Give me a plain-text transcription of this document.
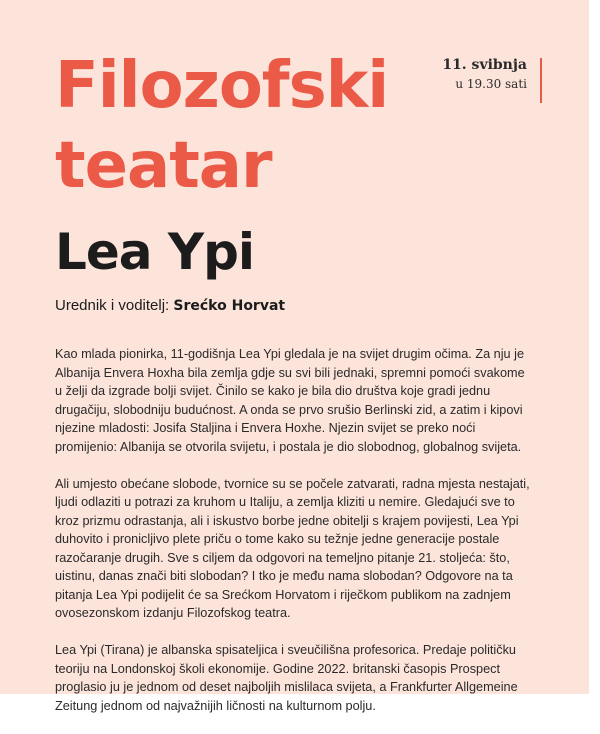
Filozofski
teatar
11. svibnja
u 19.30 sati
Lea Ypi

Urednik i voditelj: Srećko Horvat

Kao mlada pionirka, 11-godišnja Lea Ypi gledala je na svijet drugim očima. Za nju je Albanija Envera Hoxha bila zemlja gdje su svi bili jednaki, spremni pomoći svakome u želji da izgrade bolji svijet. Činilo se kako je bila dio društva koje gradi jednu drugačiju, slobodniju budućnost. A onda se prvo srušio Berlinski zid, a zatim i kipovi njezine mladosti: Josifa Staljina i Envera Hoxhe. Njezin svijet se preko noći promijenio: Albanija se otvorila svijetu, i postala je dio slobodnog, globalnog svijeta.

Ali umjesto obećane slobode, tvornice su se počele zatvarati, radna mjesta nestajati, ljudi odlaziti u potrazi za kruhom u Italiju, a zemlja kliziti u nemire. Gledajući sve to kroz prizmu odrastanja, ali i iskustvo borbe jedne obitelji s krajem povijesti, Lea Ypi duhovito i pronicljivo plete priču o tome kako su težnje jedne generacije postale razočaranje drugih. Sve s ciljem da odgovori na temeljno pitanje 21. stoljeća: što, uistinu, danas znači biti slobodan? I tko je među nama slobodan? Odgovore na ta pitanja Lea Ypi podijelit će sa Srećkom Horvatom i riječkom publikom na zadnjem ovosezonskom izdanju Filozofskog teatra.

Lea Ypi (Tirana) je albanska spisateljica i sveučilišna profesorica. Predaje političku teoriju na Londonskoj školi ekonomije. Godine 2022. britanski časopis Prospect proglasio ju je jednom od deset najboljih mislilaca svijeta, a Frankfurter Allgemeine Zeitung jednom od najvažnijih ličnosti na kulturnom polju.
